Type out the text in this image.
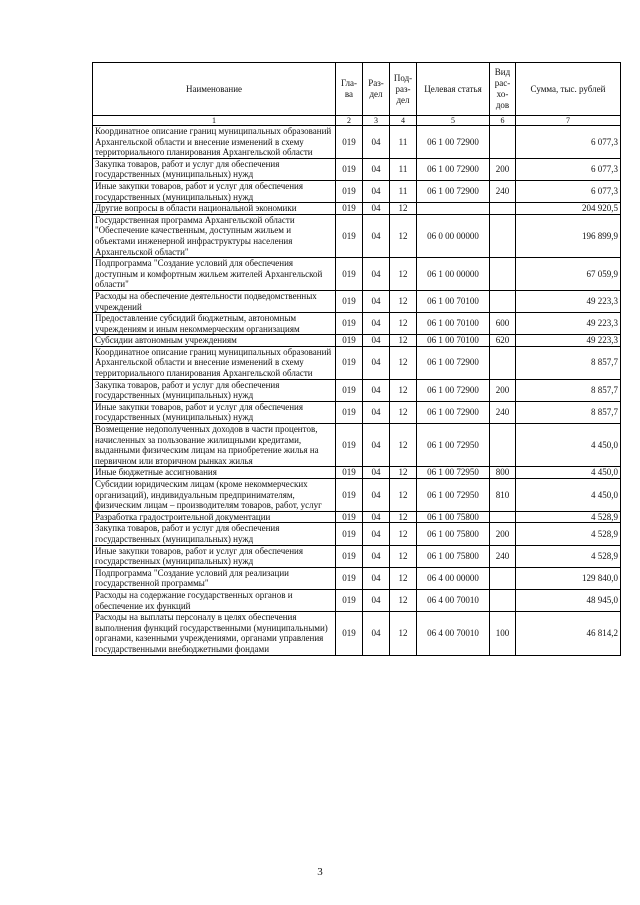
Наименование	Гла-ва	Раз-дел	Под-раз-дел	Целевая статья	Вид рас-хо-дов	Сумма, тыс. рублей
1	2	3	4	5	6	7
Координатное описание границ муниципальных образований Архангельской области и внесение изменений в схему территориального планирования Архангельской области	019	04	11	06 1 00 72900		6 077,3
Закупка товаров, работ и услуг для обеспечения государственных (муниципальных) нужд	019	04	11	06 1 00 72900	200	6 077,3
Иные закупки товаров, работ и услуг для обеспечения государственных (муниципальных) нужд	019	04	11	06 1 00 72900	240	6 077,3
Другие вопросы в области национальной экономики	019	04	12			204 920,5
Государственная программа Архангельской области "Обеспечение качественным, доступным жильем и объектами инженерной инфраструктуры населения Архангельской области"	019	04	12	06 0 00 00000		196 899,9
Подпрограмма "Создание условий для обеспечения доступным и комфортным жильем жителей Архангельской области"	019	04	12	06 1 00 00000		67 059,9
Расходы на обеспечение деятельности подведомственных учреждений	019	04	12	06 1 00 70100		49 223,3
Предоставление субсидий бюджетным, автономным учреждениям и иным некоммерческим организациям	019	04	12	06 1 00 70100	600	49 223,3
Субсидии автономным учреждениям	019	04	12	06 1 00 70100	620	49 223,3
Координатное описание границ муниципальных образований Архангельской области и внесение изменений в схему территориального планирования Архангельской области	019	04	12	06 1 00 72900		8 857,7
Закупка товаров, работ и услуг для обеспечения государственных (муниципальных) нужд	019	04	12	06 1 00 72900	200	8 857,7
Иные закупки товаров, работ и услуг для обеспечения государственных (муниципальных) нужд	019	04	12	06 1 00 72900	240	8 857,7
Возмещение недополученных доходов в части процентов, начисленных за пользование жилищными кредитами, выданными физическим лицам на приобретение жилья на первичном или вторичном рынках жилья	019	04	12	06 1 00 72950		4 450,0
Иные бюджетные ассигнования	019	04	12	06 1 00 72950	800	4 450,0
Субсидии юридическим лицам (кроме некоммерческих организаций), индивидуальным предпринимателям, физическим лицам – производителям товаров, работ, услуг	019	04	12	06 1 00 72950	810	4 450,0
Разработка градостроительной документации	019	04	12	06 1 00 75800		4 528,9
Закупка товаров, работ и услуг для обеспечения государственных (муниципальных) нужд	019	04	12	06 1 00 75800	200	4 528,9
Иные закупки товаров, работ и услуг для обеспечения государственных (муниципальных) нужд	019	04	12	06 1 00 75800	240	4 528,9
Подпрограмма "Создание условий для реализации государственной программы"	019	04	12	06 4 00 00000		129 840,0
Расходы на содержание государственных органов и обеспечение их функций	019	04	12	06 4 00 70010		48 945,0
Расходы на выплаты персоналу в целях обеспечения выполнения функций государственными (муниципальными) органами, казенными учреждениями, органами управления государственными внебюджетными фондами	019	04	12	06 4 00 70010	100	46 814,2
3
